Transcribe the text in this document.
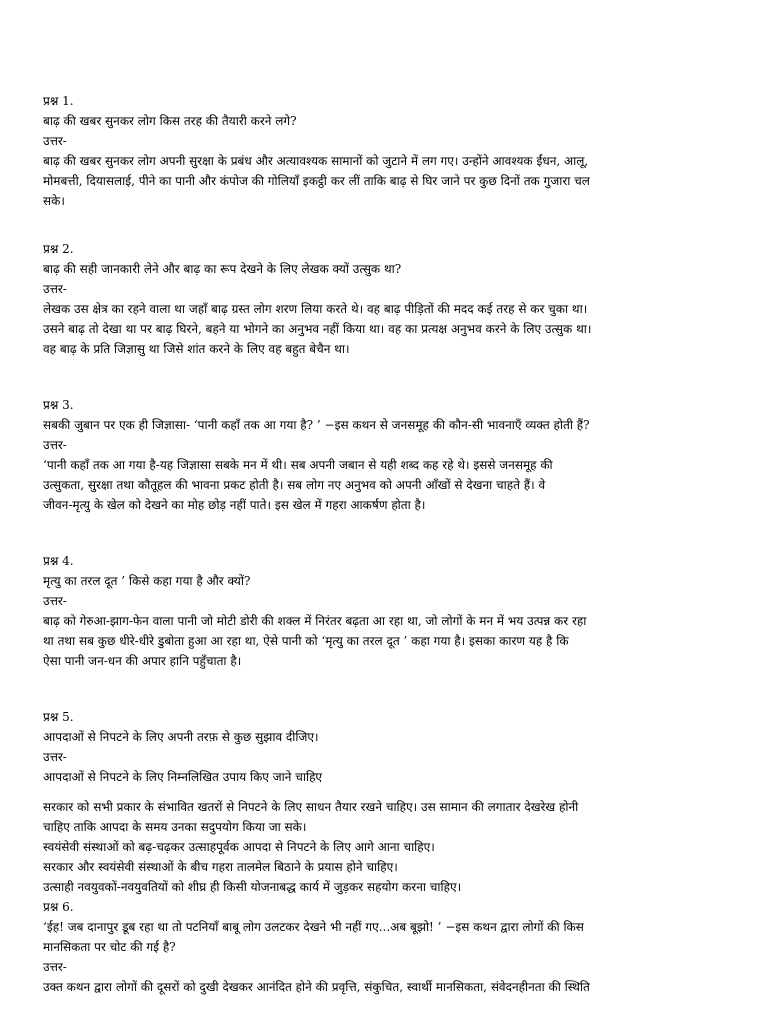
प्रश्न 1.
बाढ़ की खबर सुनकर लोग किस तरह की तैयारी करने लगे?
उत्तर-
बाढ़ की खबर सुनकर लोग अपनी सुरक्षा के प्रबंध और अत्यावश्यक सामानों को जुटाने में लग गए। उन्होंने आवश्यक ईंधन, आलू,
मोमबत्ती, दियासलाई, पीने का पानी और कंपोज की गोलियाँ इकट्ठी कर लीं ताकि बाढ़ से घिर जाने पर कुछ दिनों तक गुजारा चल
सके।
प्रश्न 2.
बाढ़ की सही जानकारी लेने और बाढ़ का रूप देखने के लिए लेखक क्यों उत्सुक था?
उत्तर-
लेखक उस क्षेत्र का रहने वाला था जहाँ बाढ़ ग्रस्त लोग शरण लिया करते थे। वह बाढ़ पीड़ितों की मदद कई तरह से कर चुका था।
उसने बाढ़ तो देखा था पर बाढ़ घिरने, बहने या भोगने का अनुभव नहीं किया था। वह का प्रत्यक्ष अनुभव करने के लिए उत्सुक था।
वह बाढ़ के प्रति जिज्ञासु था जिसे शांत करने के लिए वह बहुत बेचैन था।
प्रश्न 3.
सबकी जुबान पर एक ही जिज्ञासा- ‘पानी कहाँ तक आ गया है? ’ −इस कथन से जनसमूह की कौन-सी भावनाएँ व्यक्त होती हैं?
उत्तर-
‘पानी कहाँ तक आ गया है-यह जिज्ञासा सबके मन में थी। सब अपनी जबान से यही शब्द कह रहे थे। इससे जनसमूह की
उत्सुकता, सुरक्षा तथा कौतूहल की भावना प्रकट होती है। सब लोग नए अनुभव को अपनी आँखों से देखना चाहते हैं। वे
जीवन-मृत्यु के खेल को देखने का मोह छोड़ नहीं पाते। इस खेल में गहरा आकर्षण होता है।
प्रश्न 4.
मृत्यु का तरल दूत ’ किसे कहा गया है और क्यों?
उत्तर-
बाढ़ को गेरुआ-झाग-फेन वाला पानी जो मोटी डोरी की शक्ल में निरंतर बढ़ता आ रहा था, जो लोगों के मन में भय उत्पन्न कर रहा
था तथा सब कुछ धीरे-धीरे डुबोता हुआ आ रहा था, ऐसे पानी को ‘मृत्यु का तरल दूत ’ कहा गया है। इसका कारण यह है कि
ऐसा पानी जन-धन की अपार हानि पहुँचाता है।
प्रश्न 5.
आपदाओं से निपटने के लिए अपनी तरफ़ से कुछ सुझाव दीजिए।
उत्तर-
आपदाओं से निपटने के लिए निम्नलिखित उपाय किए जाने चाहिए
सरकार को सभी प्रकार के संभावित खतरों से निपटने के लिए साधन तैयार रखने चाहिए। उस सामान की लगातार देखरेख होनी
चाहिए ताकि आपदा के समय उनका सदुपयोग किया जा सके।
स्वयंसेवी संस्थाओं को बढ़-चढ़कर उत्साहपूर्वक आपदा से निपटने के लिए आगे आना चाहिए।
सरकार और स्वयंसेवी संस्थाओं के बीच गहरा तालमेल बिठाने के प्रयास होने चाहिए।
उत्साही नवयुवकों-नवयुवतियों को शीघ्र ही किसी योजनाबद्ध कार्य में जुड़कर सहयोग करना चाहिए।
प्रश्न 6.
‘ईह! जब दानापुर डूब रहा था तो पटनियाँ बाबू लोग उलटकर देखने भी नहीं गए...अब बूझो! ’ −इस कथन द्वारा लोगों की किस
मानसिकता पर चोट की गई है?
उत्तर-
उक्त कथन द्वारा लोगों की दूसरों को दुखी देखकर आनंदित होने की प्रवृत्ति, संकुचित, स्वार्थी मानसिकता, संवेदनहीनता की स्थिति
